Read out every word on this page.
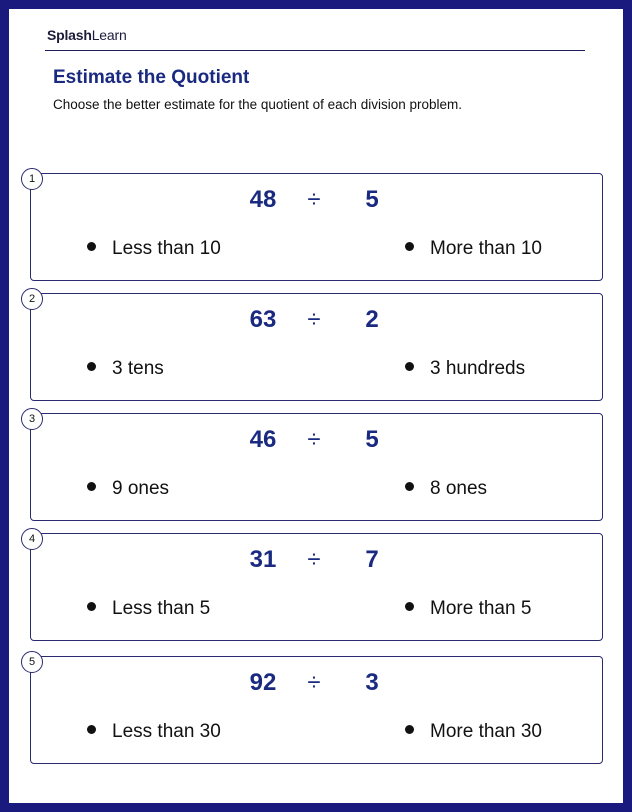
SplashLearn
Estimate the Quotient
Choose the better estimate for the quotient of each division problem.
1
48 ÷	5
Less than 10	More than 10
2
63 ÷	2
3 tens	3 hundreds
3
46 ÷	5
9 ones	8 ones
4
31 ÷	7
Less than 5	More than 5
5
92 ÷	3
Less than 30	More than 30
